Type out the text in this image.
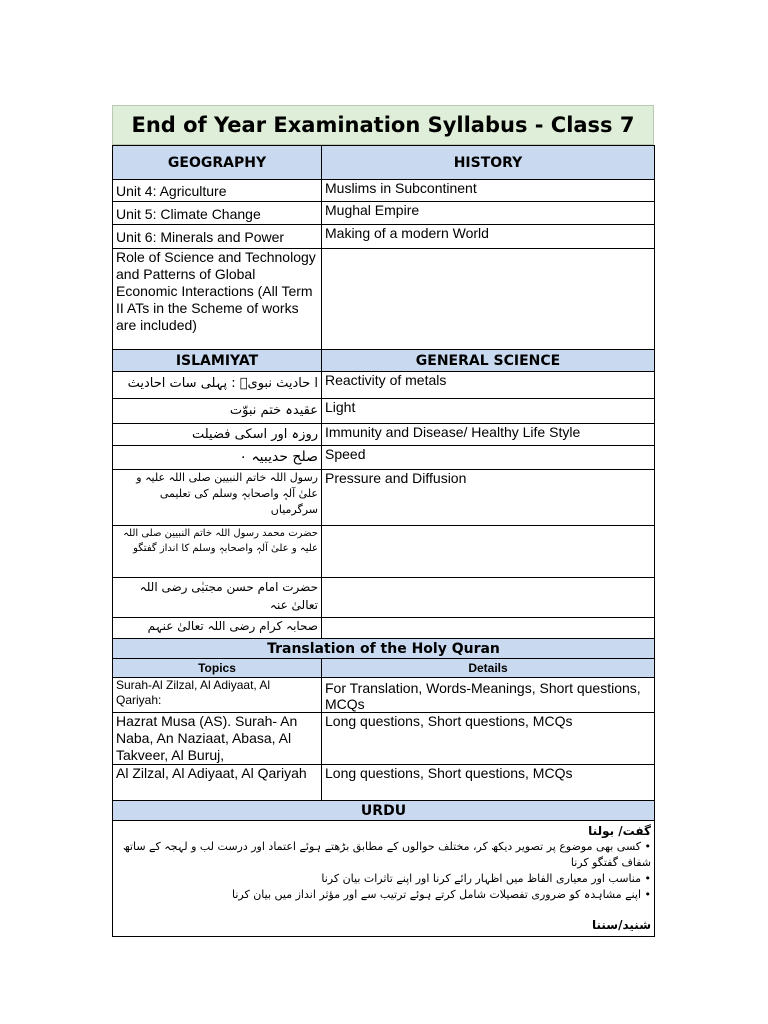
End of Year Examination Syllabus - Class 7
GEOGRAPHY	HISTORY
Unit 4: Agriculture	Muslims in Subcontinent
Unit 5: Climate Change	Mughal Empire
Unit 6: Minerals and Power	Making of a modern World
Role of Science and Technology and Patterns of Global Economic Interactions (All Term II ATs in the Scheme of works are included)	
ISLAMIYAT	GENERAL SCIENCE
ا حادیث نبویؐ : پہلی سات احادیث	Reactivity of metals
عقیدہ ختم نبوّت	Light
روزہ اور اسکی فضیلت	Immunity and Disease/ Healthy Life Style
صلح حدیبیہ ۰	Speed
رسول اللہ خاتم النبیین صلی اللہ علیہ و علیٰ آلہٖ واصحابہٖ وسلم کی تعلیمی سرگرمیاں	Pressure and Diffusion
حضرت محمد رسول اللہ خاتم النبیین صلی اللہ علیہ و علیٰ آلہٖ واصحابہٖ وسلم کا انداز گفتگو	
حضرت امام حسن مجتبٰی رضی اللہ تعالیٰ عنہ	
صحابہ کرام رضی اللہ تعالیٰ عنہم	
Translation of the Holy Quran	
Topics	Details
Surah-Al Zilzal, Al Adiyaat, Al Qariyah:	For Translation, Words-Meanings, Short questions, MCQs
Hazrat Musa (AS). Surah- An Naba, An Naziaat, Abasa, Al Takveer, Al Buruj,	Long questions, Short questions, MCQs
Al Zilzal, Al Adiyaat, Al Qariyah	Long questions, Short questions, MCQs
URDU	

گفت/ بولنا

• کسی بھی موضوع پر تصویر دیکھ کر، مختلف حوالوں کے مطابق بڑھتے ہوئے اعتماد اور درست لب و لہجہ کے ساتھ شفاف گفتگو کرنا

• مناسب اور معیاری الفاظ میں اظہار رائے کرنا اور اپنے تاثرات بیان کرنا

• اپنے مشاہدہ کو ضروری تفصیلات شامل کرتے ہوئے ترتیب سے اور مؤثر انداز میں بیان کرنا

شنید/سننا	
